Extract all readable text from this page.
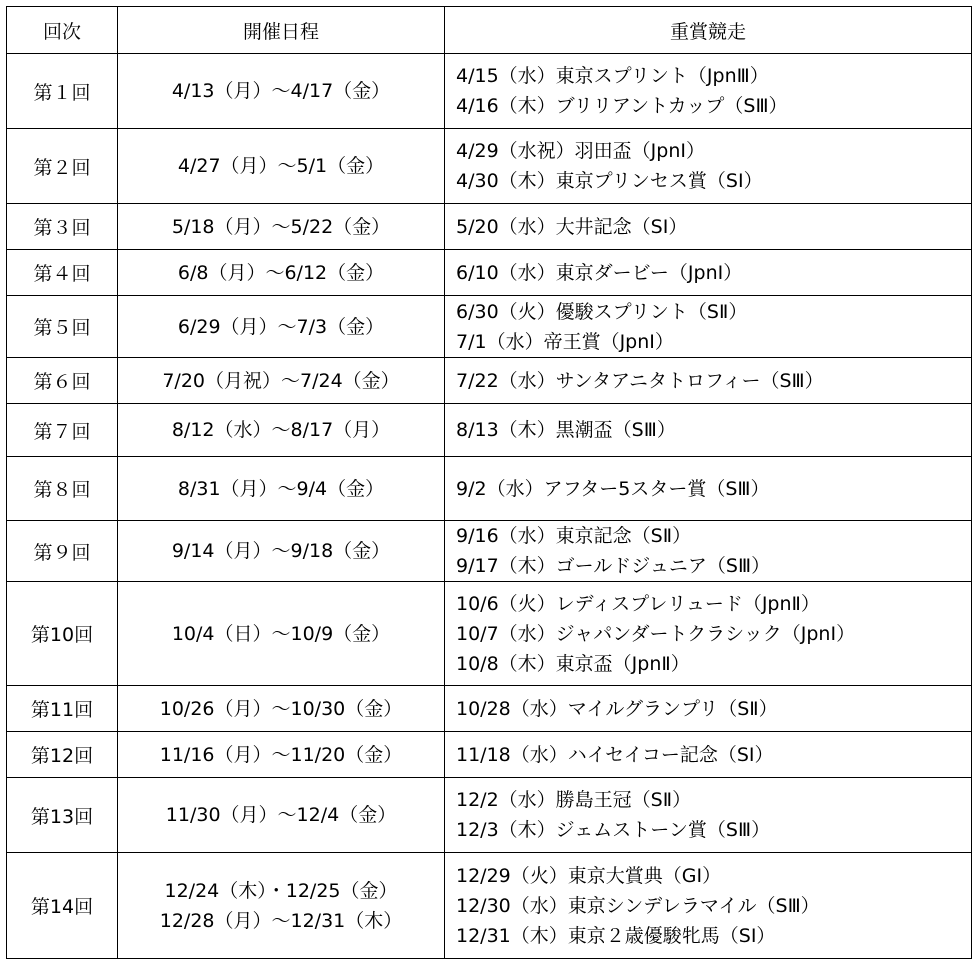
回次	開催日程	重賞競走
第１回	4/13（月）～4/17（金）	4/15（水）東京スプリント（JpnⅢ）
4/16（木）ブリリアントカップ（SⅢ）

第２回	4/27（月）～5/1（金）	4/29（水祝）羽田盃（JpnⅠ）
4/30（木）東京プリンセス賞（SⅠ）

第３回	5/18（月）～5/22（金）	5/20（水）大井記念（SⅠ）

第４回	6/8（月）～6/12（金）	6/10（水）東京ダービー（JpnⅠ）

第５回	6/29（月）～7/3（金）	6/30（火）優駿スプリント（SⅡ）
7/1（水）帝王賞（JpnⅠ）

第６回	7/20（月祝）～7/24（金）	7/22（水）サンタアニタトロフィー（SⅢ）

第７回	8/12（水）～8/17（月）	8/13（木）黒潮盃（SⅢ）

第８回	8/31（月）～9/4（金）	9/2（水）アフター5スター賞（SⅢ）

第９回	9/14（月）～9/18（金）	9/16（水）東京記念（SⅡ）
9/17（木）ゴールドジュニア（SⅢ）

第10回	10/4（日）～10/9（金）	10/6（火）レディスプレリュード（JpnⅡ）
10/7（水）ジャパンダートクラシック（JpnⅠ）
10/8（木）東京盃（JpnⅡ）

第11回	10/26（月）～10/30（金）	10/28（水）マイルグランプリ（SⅡ）

第12回	11/16（月）～11/20（金）	11/18（水）ハイセイコー記念（SⅠ）

第13回	11/30（月）～12/4（金）	12/2（水）勝島王冠（SⅡ）
12/3（木）ジェムストーン賞（SⅢ）

第14回	12/24（木）・12/25（金）
12/28（月）～12/31（木）	12/29（火）東京大賞典（GⅠ）
12/30（水）東京シンデレラマイル（SⅢ）
12/31（木）東京２歳優駿牝馬（SⅠ）
